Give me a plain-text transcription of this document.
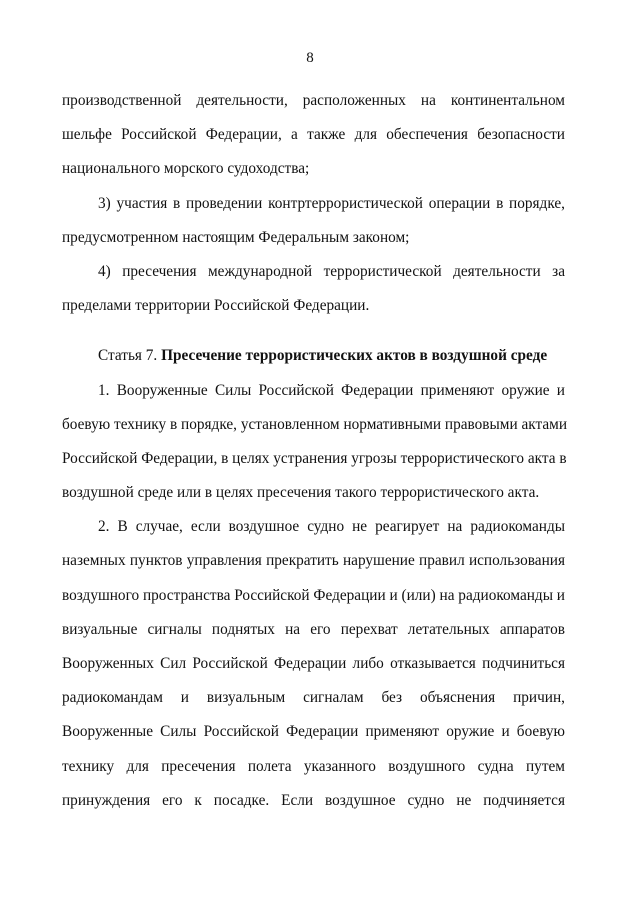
8
производственной деятельности, расположенных на континентальном
шельфе Российской Федерации, а также для обеспечения безопасности
национального морского судоходства;
3) участия в проведении контртеррористической операции в порядке,
предусмотренном настоящим Федеральным законом;
4) пресечения международной террористической деятельности за
пределами территории Российской Федерации.
Статья 7. Пресечение террористических актов в воздушной среде
1. Вооруженные Силы Российской Федерации применяют оружие и
боевую технику в порядке, установленном нормативными правовыми актами
Российской Федерации, в целях устранения угрозы террористического акта в
воздушной среде или в целях пресечения такого террористического акта.
2. В случае, если воздушное судно не реагирует на радиокоманды
наземных пунктов управления прекратить нарушение правил использования
воздушного пространства Российской Федерации и (или) на радиокоманды и
визуальные сигналы поднятых на его перехват летательных аппаратов
Вооруженных Сил Российской Федерации либо отказывается подчиниться
радиокомандам и визуальным сигналам без объяснения причин,
Вооруженные Силы Российской Федерации применяют оружие и боевую
технику для пресечения полета указанного воздушного судна путем
принуждения его к посадке. Если воздушное судно не подчиняется
